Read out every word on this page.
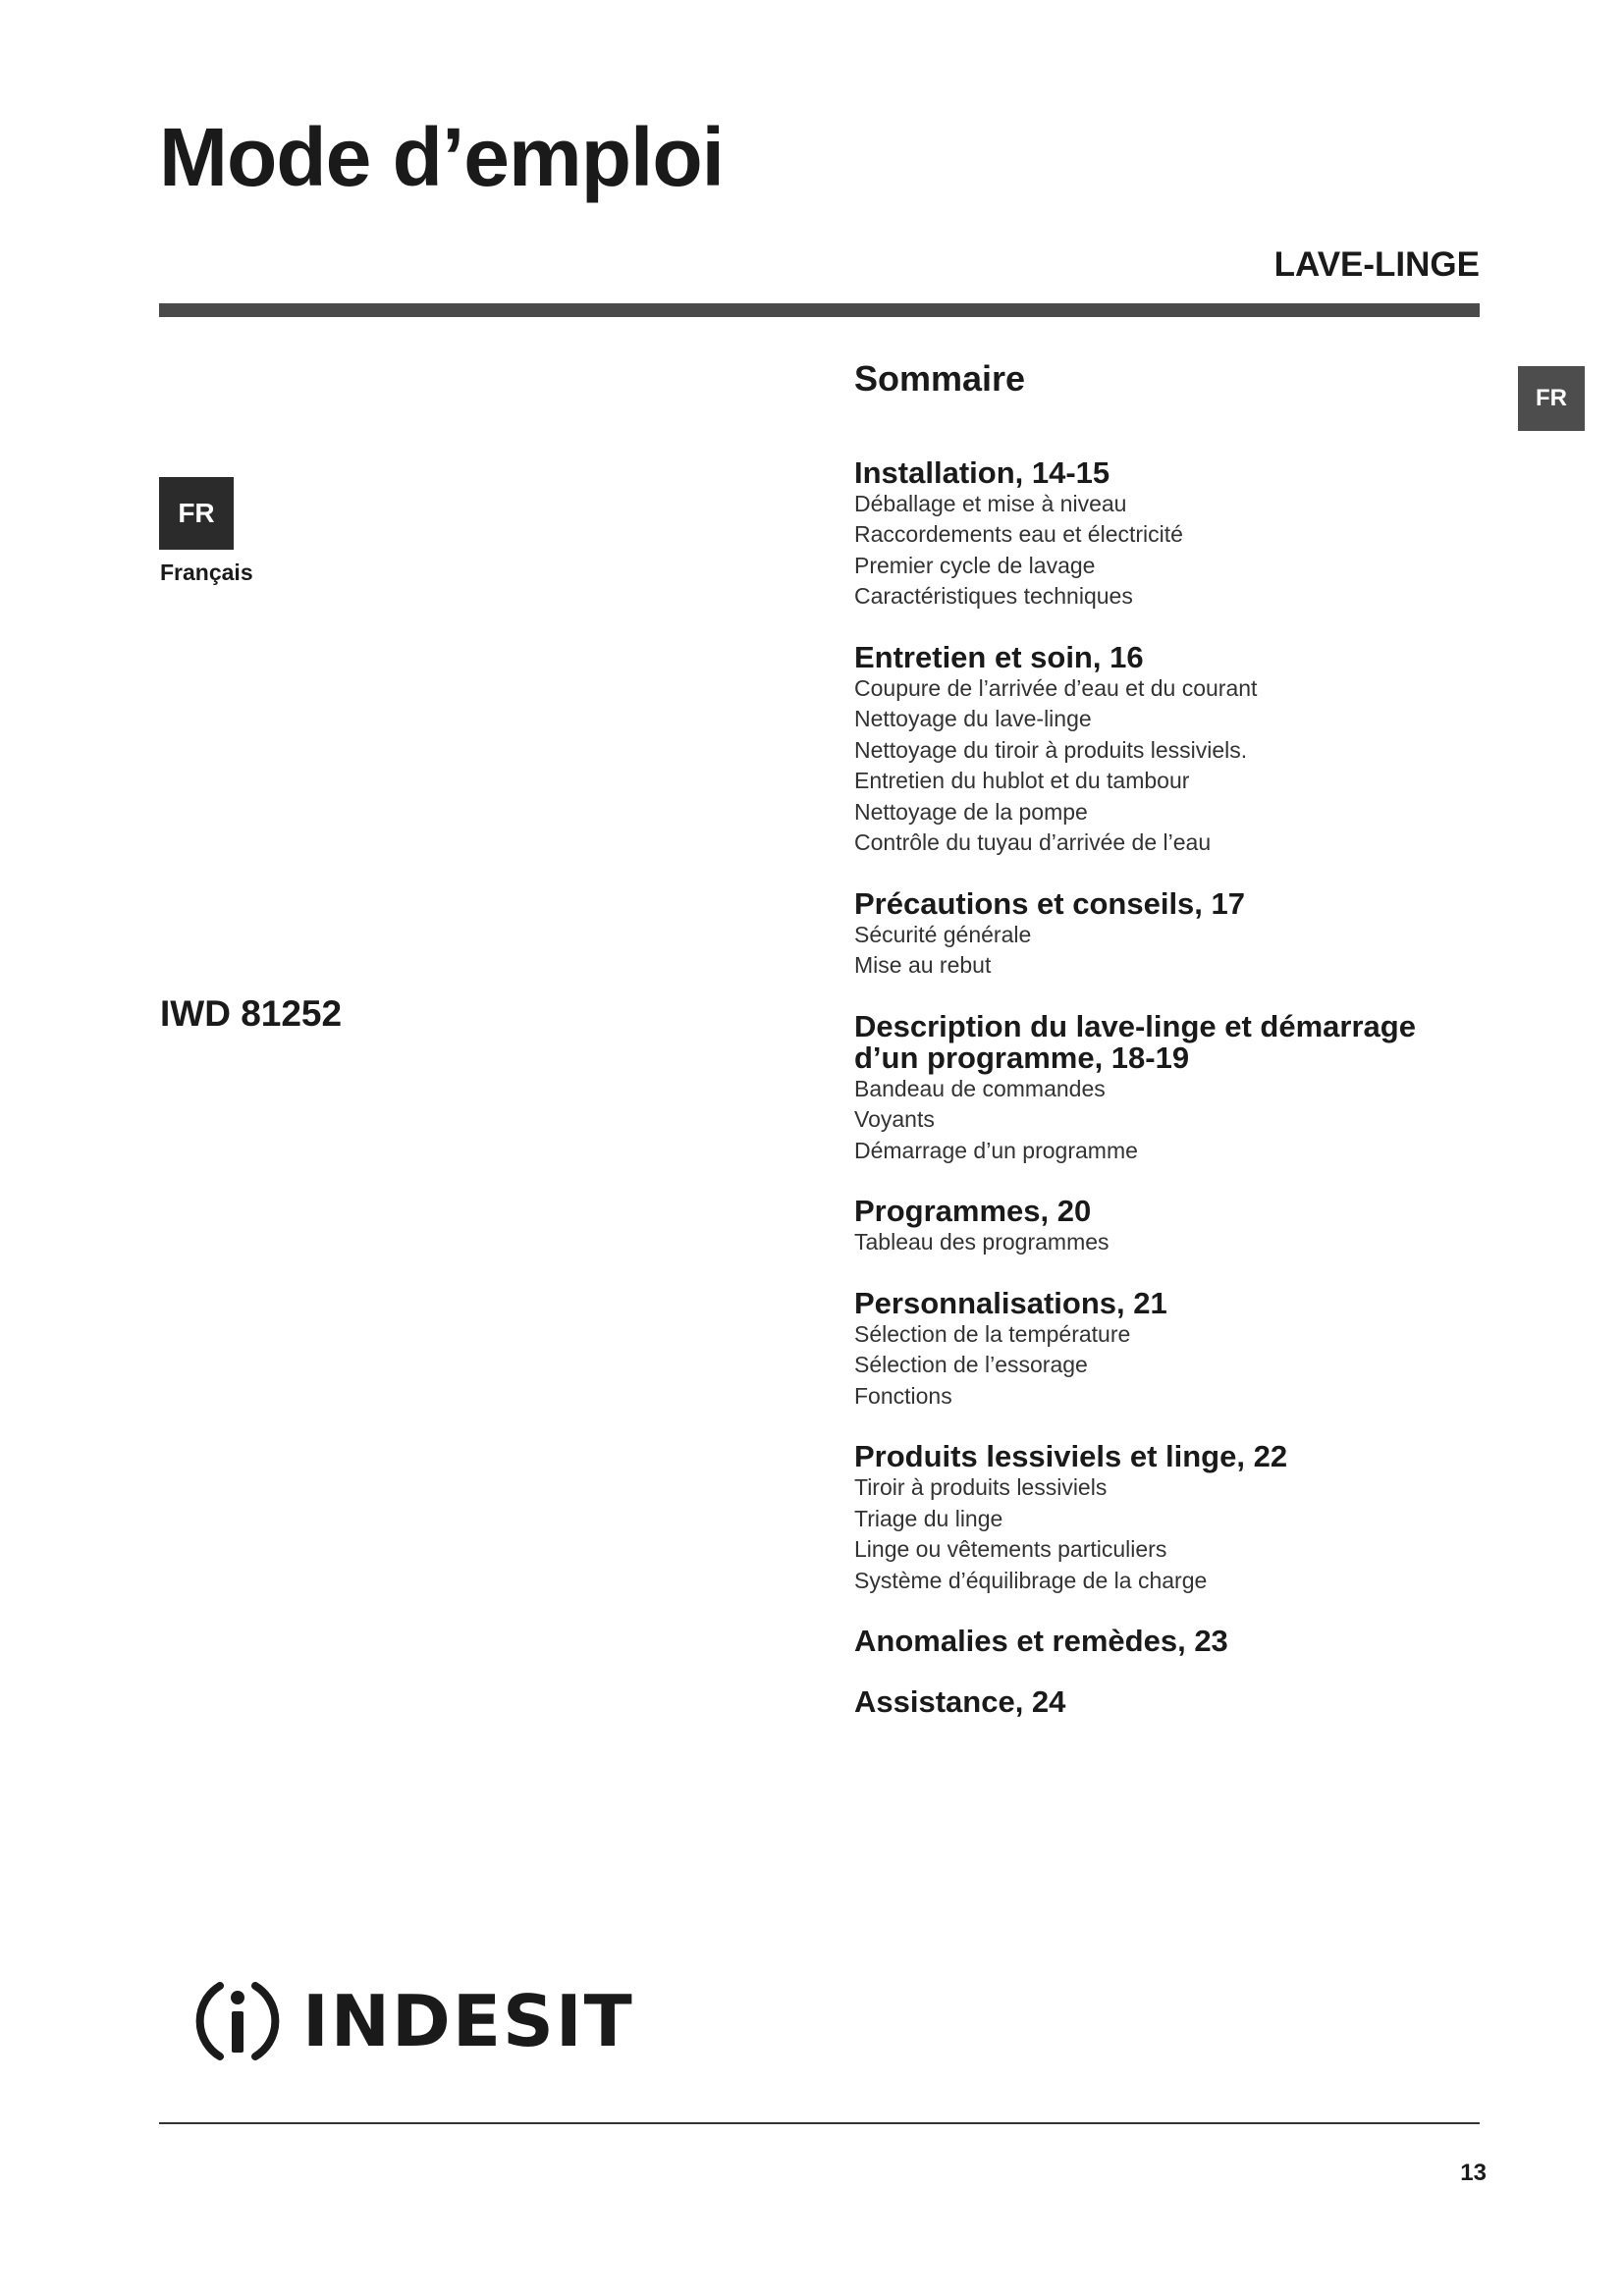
Mode d’emploi
LAVE-LINGE
FR
FR
Français
IWD 81252
Sommaire
Installation, 14-15
Déballage et mise à niveau
Raccordements eau et électricité
Premier cycle de lavage
Caractéristiques techniques
Entretien et soin, 16
Coupure de l’arrivée d’eau et du courant
Nettoyage du lave-linge
Nettoyage du tiroir à produits lessiviels.
Entretien du hublot et du tambour
Nettoyage de la pompe
Contrôle du tuyau d’arrivée de l’eau
Précautions et conseils, 17
Sécurité générale
Mise au rebut
Description du lave-linge et démarrage d’un programme, 18-19
Bandeau de commandes
Voyants
Démarrage d’un programme
Programmes, 20
Tableau des programmes
Personnalisations, 21
Sélection de la température
Sélection de l’essorage
Fonctions
Produits lessiviels et linge, 22
Tiroir à produits lessiviels
Triage du linge
Linge ou vêtements particuliers
Système d’équilibrage de la charge
Anomalies et remèdes, 23
Assistance, 24
INDESIT
13
